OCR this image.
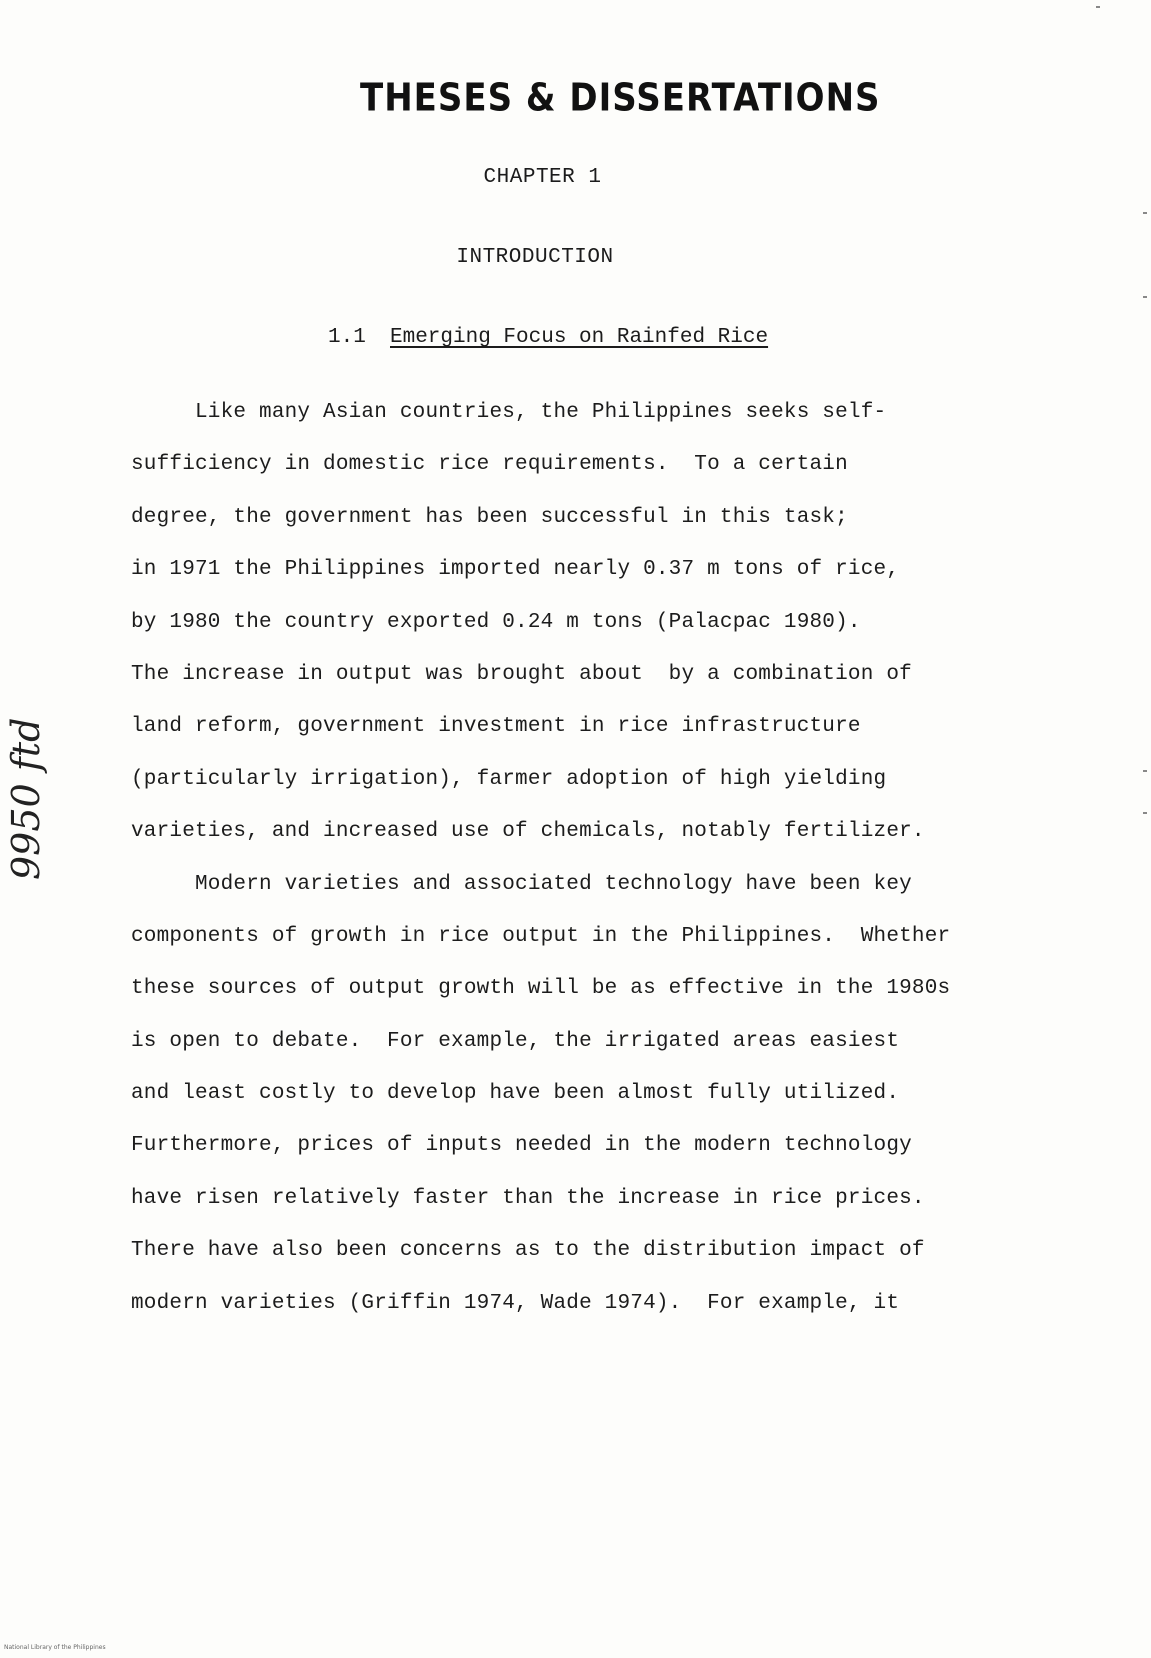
THESES & DISSERTATIONS
CHAPTER 1
INTRODUCTION
1.1 Emerging Focus on Rainfed Rice
Like many Asian countries, the Philippines seeks self-
sufficiency in domestic rice requirements.  To a certain
degree, the government has been successful in this task;
in 1971 the Philippines imported nearly 0.37 m tons of rice,
by 1980 the country exported 0.24 m tons (Palacpac 1980).
The increase in output was brought about  by a combination of
land reform, government investment in rice infrastructure
(particularly irrigation), farmer adoption of high yielding
varieties, and increased use of chemicals, notably fertilizer.
Modern varieties and associated technology have been key
components of growth in rice output in the Philippines.  Whether
these sources of output growth will be as effective in the 1980s
is open to debate.  For example, the irrigated areas easiest
and least costly to develop have been almost fully utilized.
Furthermore, prices of inputs needed in the modern technology
have risen relatively faster than the increase in rice prices.
There have also been concerns as to the distribution impact of
modern varieties (Griffin 1974, Wade 1974).  For example, it
9950 ftd
National Library of the Philippines
